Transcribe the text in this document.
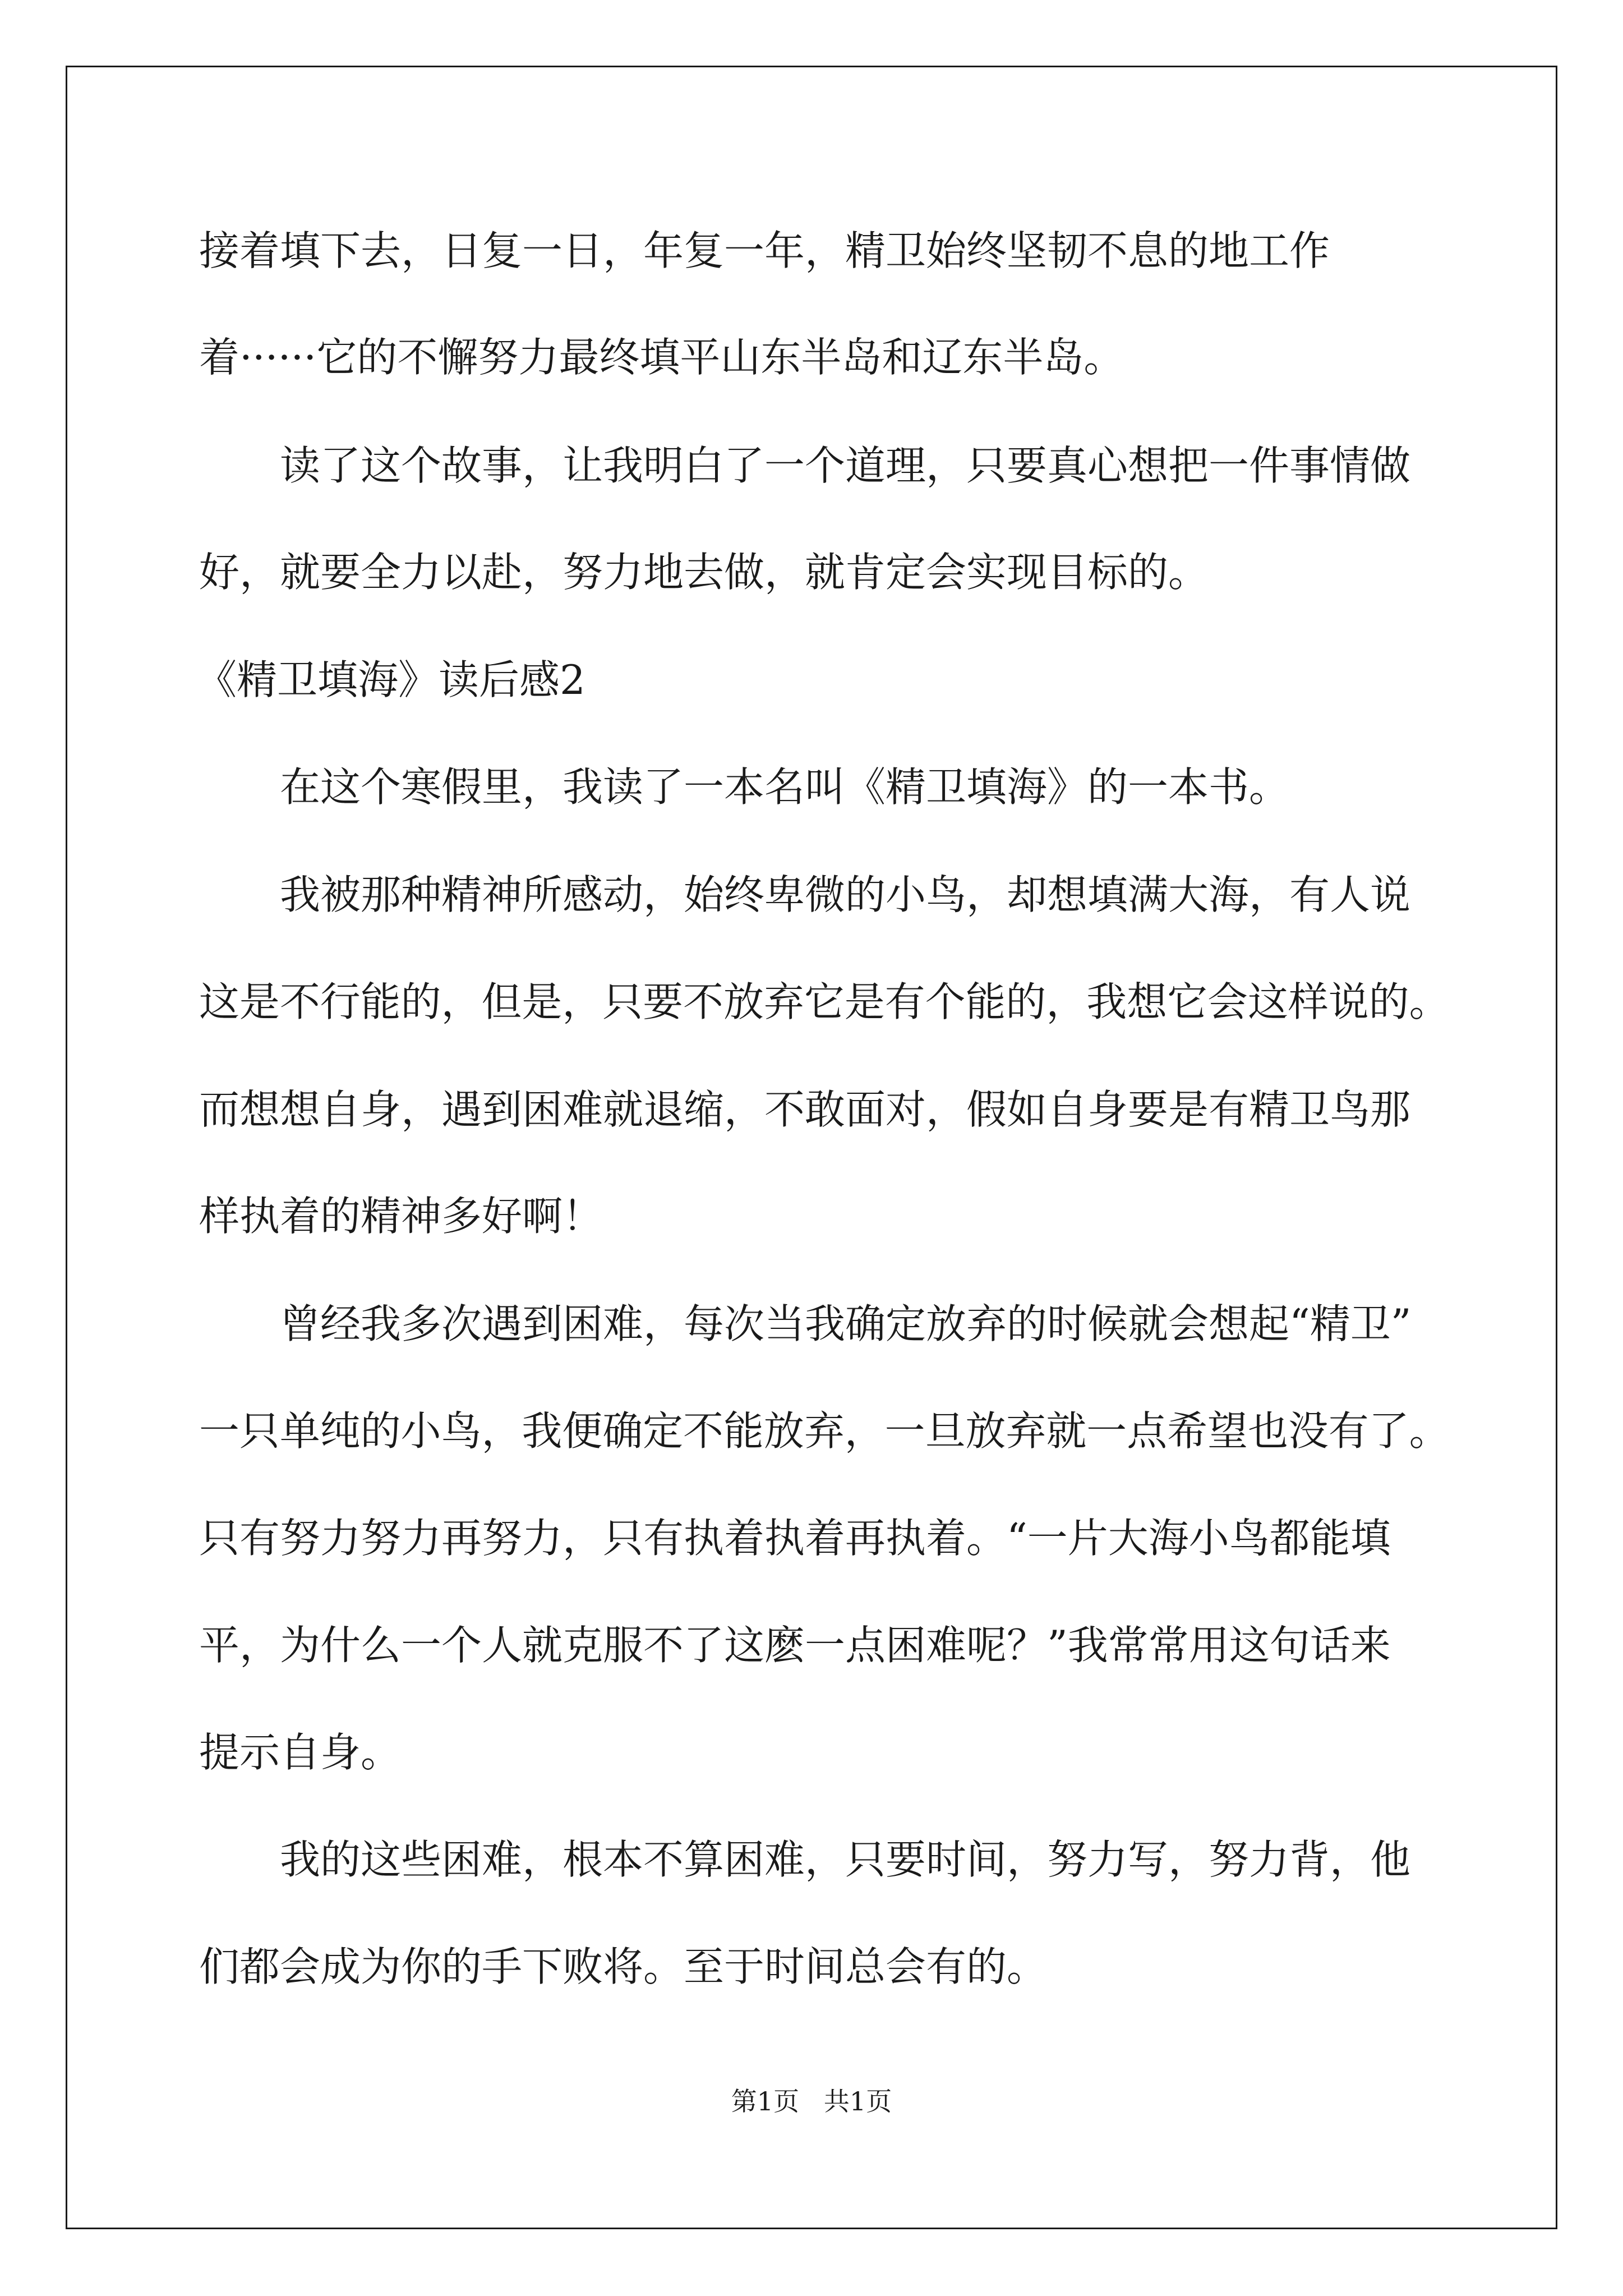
接着填下去，日复一日，年复一年，精卫始终坚韧不息的地工作
着······它的不懈努力最终填平山东半岛和辽东半岛。
读了这个故事，让我明白了一个道理，只要真心想把一件事情做
好，就要全力以赴，努力地去做，就肯定会实现目标的。
《精卫填海》读后感2
在这个寒假里，我读了一本名叫《精卫填海》的一本书。
我被那种精神所感动，始终卑微的小鸟，却想填满大海，有人说
这是不行能的，但是，只要不放弃它是有个能的，我想它会这样说的。
而想想自身，遇到困难就退缩，不敢面对，假如自身要是有精卫鸟那
样执着的精神多好啊！
曾经我多次遇到困难，每次当我确定放弃的时候就会想起“精卫”
一只单纯的小鸟，我便确定不能放弃，一旦放弃就一点希望也没有了。
只有努力努力再努力，只有执着执着再执着。“一片大海小鸟都能填
平，为什么一个人就克服不了这麽一点困难呢？”我常常用这句话来
提示自身。
我的这些困难，根本不算困难，只要时间，努力写，努力背，他
们都会成为你的手下败将。至于时间总会有的。
第1页   共1页
